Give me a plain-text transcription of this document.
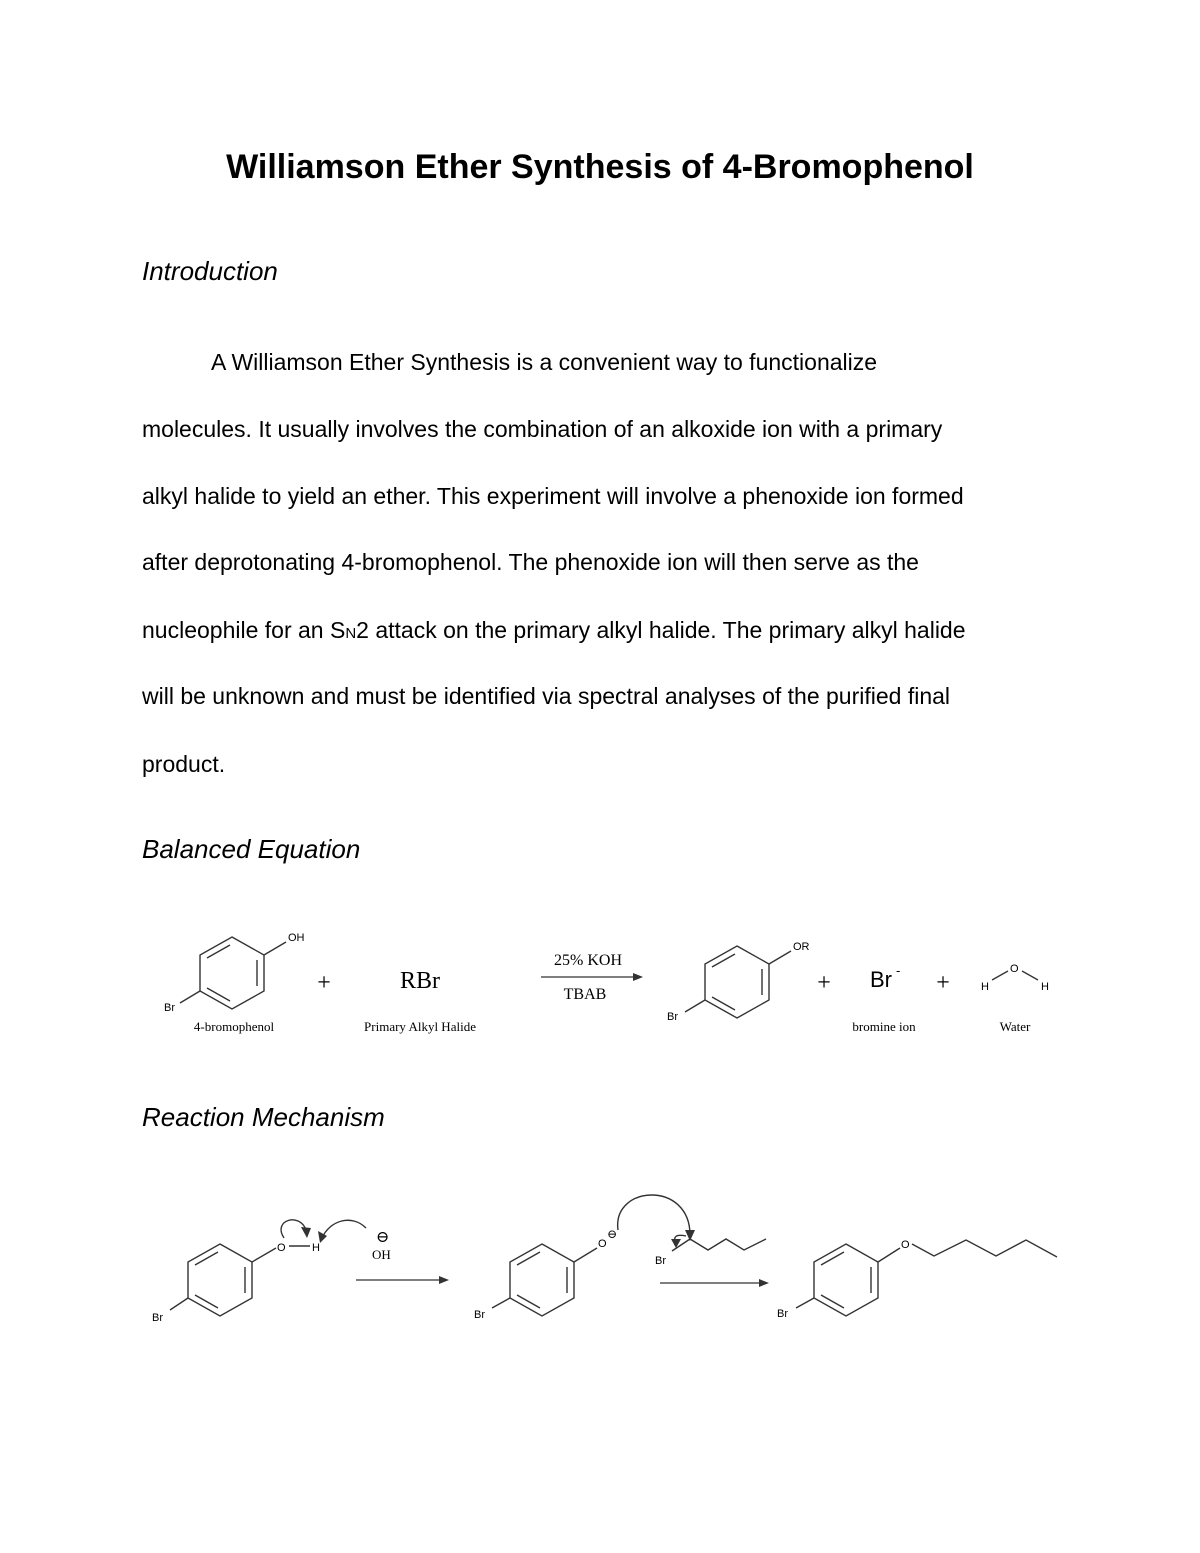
Williamson Ether Synthesis of 4-Bromophenol
Introduction
A Williamson Ether Synthesis is a convenient way to functionalize
molecules. It usually involves the combination of an alkoxide ion with a primary
alkyl halide to yield an ether. This experiment will involve a phenoxide ion formed
after deprotonating 4-bromophenol. The phenoxide ion will then serve as the
nucleophile for an SN2 attack on the primary alkyl halide. The primary alkyl halide
will be unknown and must be identified via spectral analyses of the purified final
product.
Balanced Equation
OH
Br
4-bromophenol
+	RBr
Primary Alkyl Halide
25% KOH
TBAB
OR
Br
+ Br -
bromine ion
+	H
O
H
Water
Reaction Mechanism
Br
O H
⊖
OH
Br
O
⊖
Br
Br
O
